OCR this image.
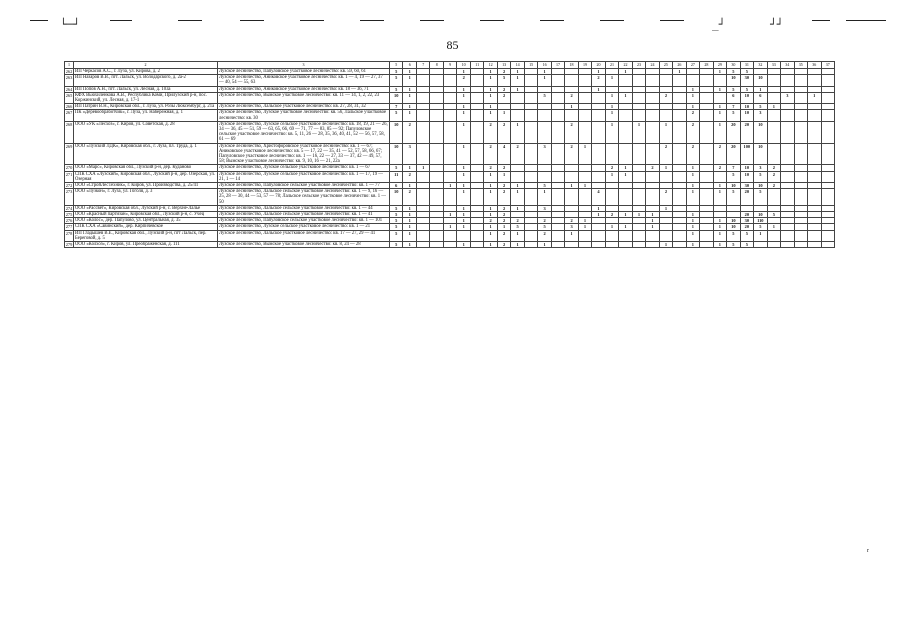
└─┘	_┘	┘┘
85
1	2	3	5	6	7	8	9	10	11	12	13	14	15	16	17	18	19	20	21	22	23	24	25	26	27	28	29	30	31	32	33	34	35	36	37	
262	ИП Черкасов А.С., г. Луза, ул. Кирова, д. 2	Лузское лесничество, Папуловское участковое лесничество: кв. 59, 60, 61	5	1				1		1	2	1		1				1		1				1			1	5	5									
263	ИП Назаров В.В., пгт. Лальск, ул. Володарского, д. 2а-2	Лузское лесничество, Аниковское участковое лесничество: кв. 1 — 4, 19 — 27, 37 — 40, 54 — 55, 63	5	1				2		1	5	1		1				2	1									10	30	10								
264	ИП Попов А.Н., пгт. Лальск, ул. Лесная, д. 103а	Лузское лесничество, Аниковское участковое лесничество: кв. 18 — 36, 71	5	1				1		1	2	1						1							1		1	5	5	1								
265	КФХ Вьюхиленкова А.В., Республика Коми, Прилузский р-н, пос. Коржинский, ул. Лесная, д. 17-1	Лузское лесничество, Вымское участковое лесничество: кв. 11 — 14, 1, 2, 22, 23	10	1				1		1	2			5		2			1	1			2		1			6	10	6		3		1				
266	ИП Патрин В.Н., Кировская обл., г. Луза, ул. Розы Люксембург, д. 21а	Лузское лесничество, Лальское участковое лесничество: кв. 27, 28, 31, 32	7	1				1		1						1			1						1		1	7	10	5	1							
267	ПК «Деревообработчик», г. Луза, ул. Набережная, д. 1	Лузское лесничество, Лузское участковое лесничество: кв. 56, Лальское участковое лесничество: кв. 30	5	1				1		1	1								1						2		1	5	10	3								
268	ООО «УК «Лесхоз», г. Киров, ул. Советская, д. 28	Лузское лесничество, Лузское сельское участковое лесничество: кв. 18, 19, 21 — 26, 34 — 36, 45 — 51, 59 — 63, 65, 66, 69 — 71, 77 — 83, 85 — 92; Папуловское сельское участковое лесничество: кв. 5, 11, 26 — 28, 35, 36, 40, 41, 52 — 56, 57, 58, 61 — 69	10	2				1		2	2	1				2			1		1		1		2		1	20	20	10								
269	ООО «Лузский ЛДК», Кировская обл., г. Луза, пл. Труда, д. 1	Лузское лесничество, Христофоровское участковое лесничество: кв. 1 — 67; Аниковское участковое лесничество: кв. 5 — 17, 22 — 35, 41 — 52, 57, 58, 66, 67; Папуловское участковое лесничество: кв. 1 — 16, 22 — 27, 33 — 37, 42 — 49, 57, 58; Вымское участковое лесничество: кв. 9, 10, 16 — 21, 22а	10	3				1		2	4	2		3		2	1						2		2		2	20	100	10								
270	ООО «Марс», Кировская обл., Лузский р-н, дер. Куданово	Лузское лесничество, Лузское сельское участковое лесничество: кв. 1 — 67	5	1	1			1		2	2								2	1		2	1		1		2	7	10	3	2							
271	СПК СХА «Лузский», Кировская обл., Лузский р-н, дер. Озерская, ул. Озерная	Лузское лесничество, Лузское сельское участковое лесничество: кв. 1 — 17, 19 — 21, 1 — 14	11	2				1		1	1								1	1					1			5	10	5	2							
272	ООО «СтройЛесТехник», г. Киров, ул. Производства, д. 25/41	Лузское лесничество, Папуловское сельское участковое лесничество: кв. 1 — 77	6	1			1	1		1	2	1		5		1	1								1		1	10	30	10	2							
273	ООО «Лузкон», г. Луза, ул. Гоголя, д. 3	Лузское лесничество, Лальское сельское участковое лесничество: кв. 1 — 9, 16 — 25, 28 — 30, 44 — 53, 57 — 78; Лальское сельское участковое лесничество: кв. 1 — 50	10	2				1		1	2	1		1				4					2		1		1	5	20	5								
274	ООО «Рассвет», Кировская обл., Лузский р-н, с. Верхне-Лалье	Лузское лесничество, Лальское сельское участковое лесничество: кв. 1 — 44	5	1				1		1	2	1		3				1					1															
275	ООО «Красный партизан», Кировская обл., Лузский р-н, с. Учец	Лузское лесничество, Лальское сельское участковое лесничество: кв. 1 — 41	5	1			1	1		1	2							1	2	1	1	1			1				20	10	5							
276	ООО «Колос», дер. Папулово, ул. Центральная, д. 35	Лузское лесничество, Папуловское сельское участковое лесничество: кв. 1 — 101	5	1				1		2	2	2		2		2	1					1			1		1	10	30	110								
277	СПК СХА «Савинский», дер. Кирпичевское	Лузское лесничество, Лузское сельское участковое лесничество: кв. 1 — 21	5	1			1	1		1	1	5		5		3	1		1	1		1			1		1	10	20	5	1							
278	ИП Гладышев В.Е., Кировская обл., Лузский р-н, пгт Лальск, пер. Береговой, д. 5	Лузское лесничество, Лальское участковое лесничество: кв. 17 — 27, 29 — 41	5	1						1	2	1		2		1									1		1	5	5	1								
279	ООО «Колхоз», г. Киров, ул. Преображенская, д. 111	Лузское лесничество, Вымское участковое лесничество: кв. 8, 24 — 28	5	1				1		1	2	1		1									1		1		1	5	5									
r
